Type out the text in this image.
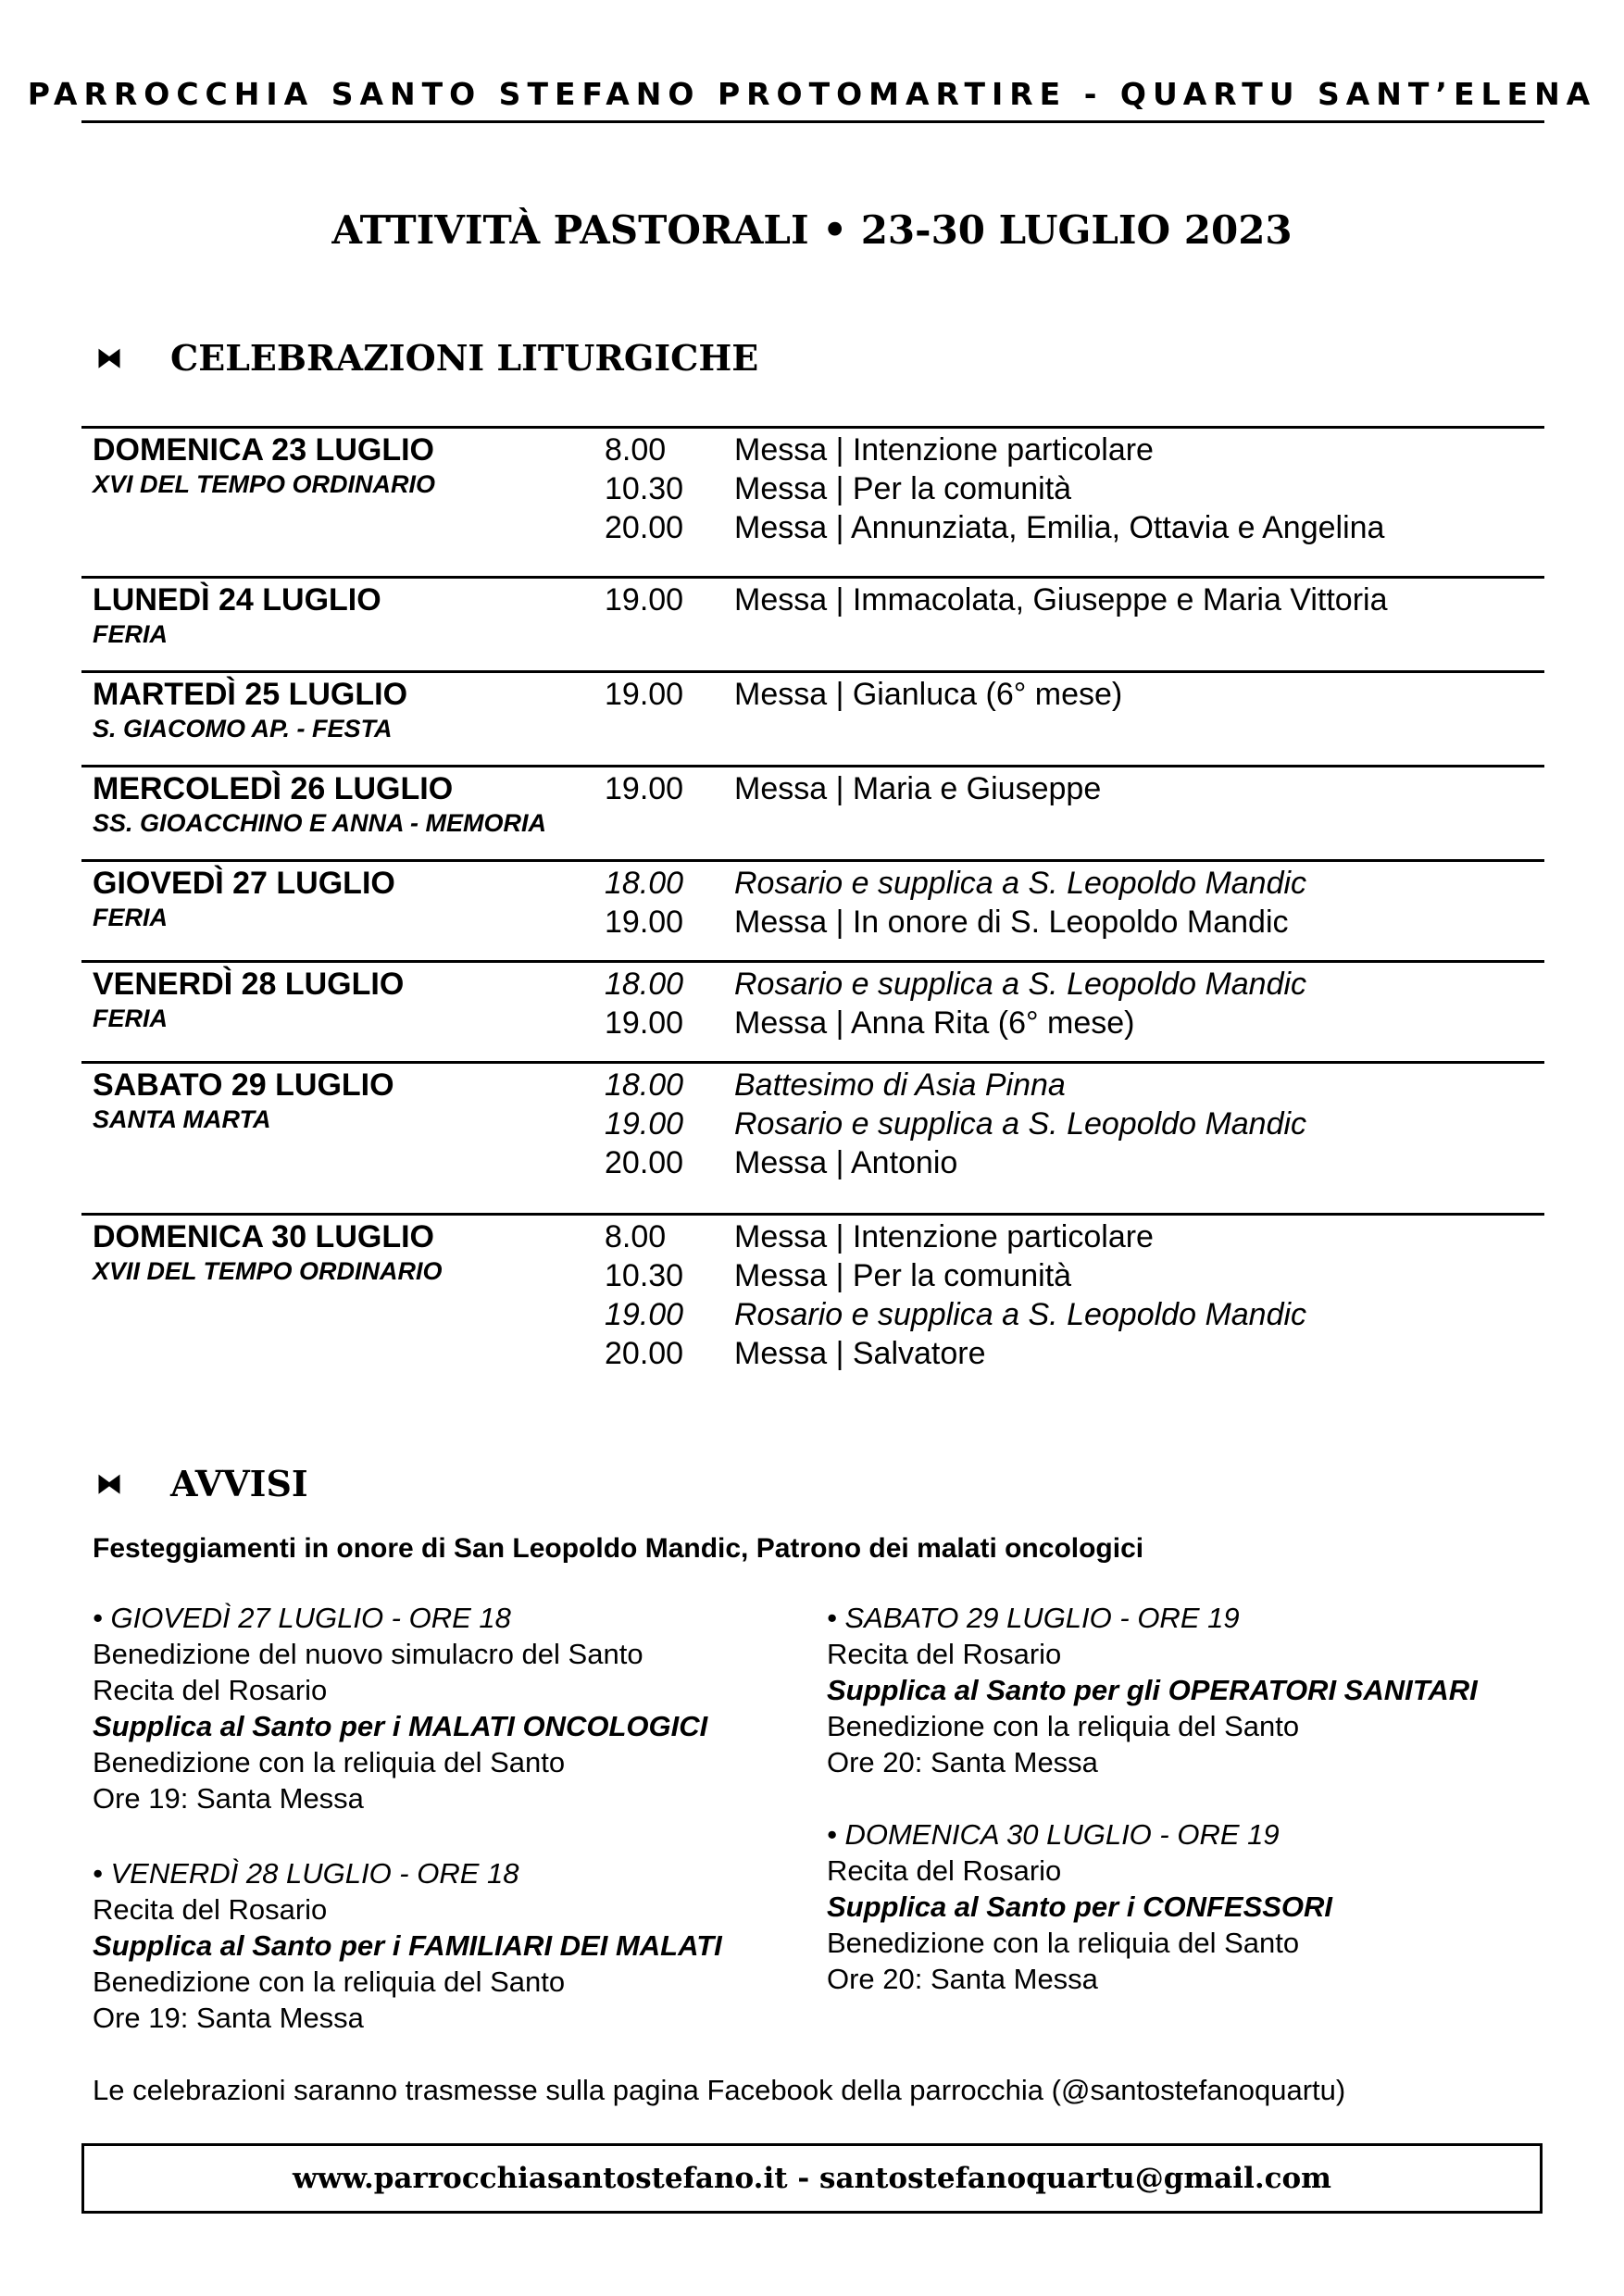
PARROCCHIA SANTO STEFANO PROTOMARTIRE - QUARTU SANT’ELENA
ATTIVITÀ PASTORALI • 23-30 LUGLIO 2023
⧓ CELEBRAZIONI LITURGICHE
DOMENICA 23 LUGLIO
XVI DEL TEMPO ORDINARIO
8.00 Messa | Intenzione particolare
10.30 Messa | Per la comunità
20.00 Messa | Annunziata, Emilia, Ottavia e Angelina
LUNEDÌ 24 LUGLIO
FERIA
19.00 Messa | Immacolata, Giuseppe e Maria Vittoria
MARTEDÌ 25 LUGLIO
S. GIACOMO AP. - FESTA
19.00 Messa | Gianluca (6° mese)
MERCOLEDÌ 26 LUGLIO
SS. GIOACCHINO E ANNA - MEMORIA
19.00 Messa | Maria e Giuseppe
GIOVEDÌ 27 LUGLIO
FERIA
18.00 Rosario e supplica a S. Leopoldo Mandic
19.00 Messa | In onore di S. Leopoldo Mandic
VENERDÌ 28 LUGLIO
FERIA
18.00 Rosario e supplica a S. Leopoldo Mandic
19.00 Messa | Anna Rita (6° mese)
SABATO 29 LUGLIO
SANTA MARTA
18.00 Battesimo di Asia Pinna
19.00 Rosario e supplica a S. Leopoldo Mandic
20.00 Messa | Antonio
DOMENICA 30 LUGLIO
XVII DEL TEMPO ORDINARIO
8.00 Messa | Intenzione particolare
10.30 Messa | Per la comunità
19.00 Rosario e supplica a S. Leopoldo Mandic
20.00 Messa | Salvatore
⧓ AVVISI
Festeggiamenti in onore di San Leopoldo Mandic, Patrono dei malati oncologici
• GIOVEDÌ 27 LUGLIO - ORE 18
Benedizione del nuovo simulacro del Santo
Recita del Rosario
Supplica al Santo per i MALATI ONCOLOGICI
Benedizione con la reliquia del Santo
Ore 19: Santa Messa
• VENERDÌ 28 LUGLIO - ORE 18
Recita del Rosario
Supplica al Santo per i FAMILIARI DEI MALATI
Benedizione con la reliquia del Santo
Ore 19: Santa Messa
• SABATO 29 LUGLIO - ORE 19
Recita del Rosario
Supplica al Santo per gli OPERATORI SANITARI
Benedizione con la reliquia del Santo
Ore 20: Santa Messa
• DOMENICA 30 LUGLIO - ORE 19
Recita del Rosario
Supplica al Santo per i CONFESSORI
Benedizione con la reliquia del Santo
Ore 20: Santa Messa
Le celebrazioni saranno trasmesse sulla pagina Facebook della parrocchia (@santostefanoquartu)
www.parrocchiasantostefano.it - santostefanoquartu@gmail.com
